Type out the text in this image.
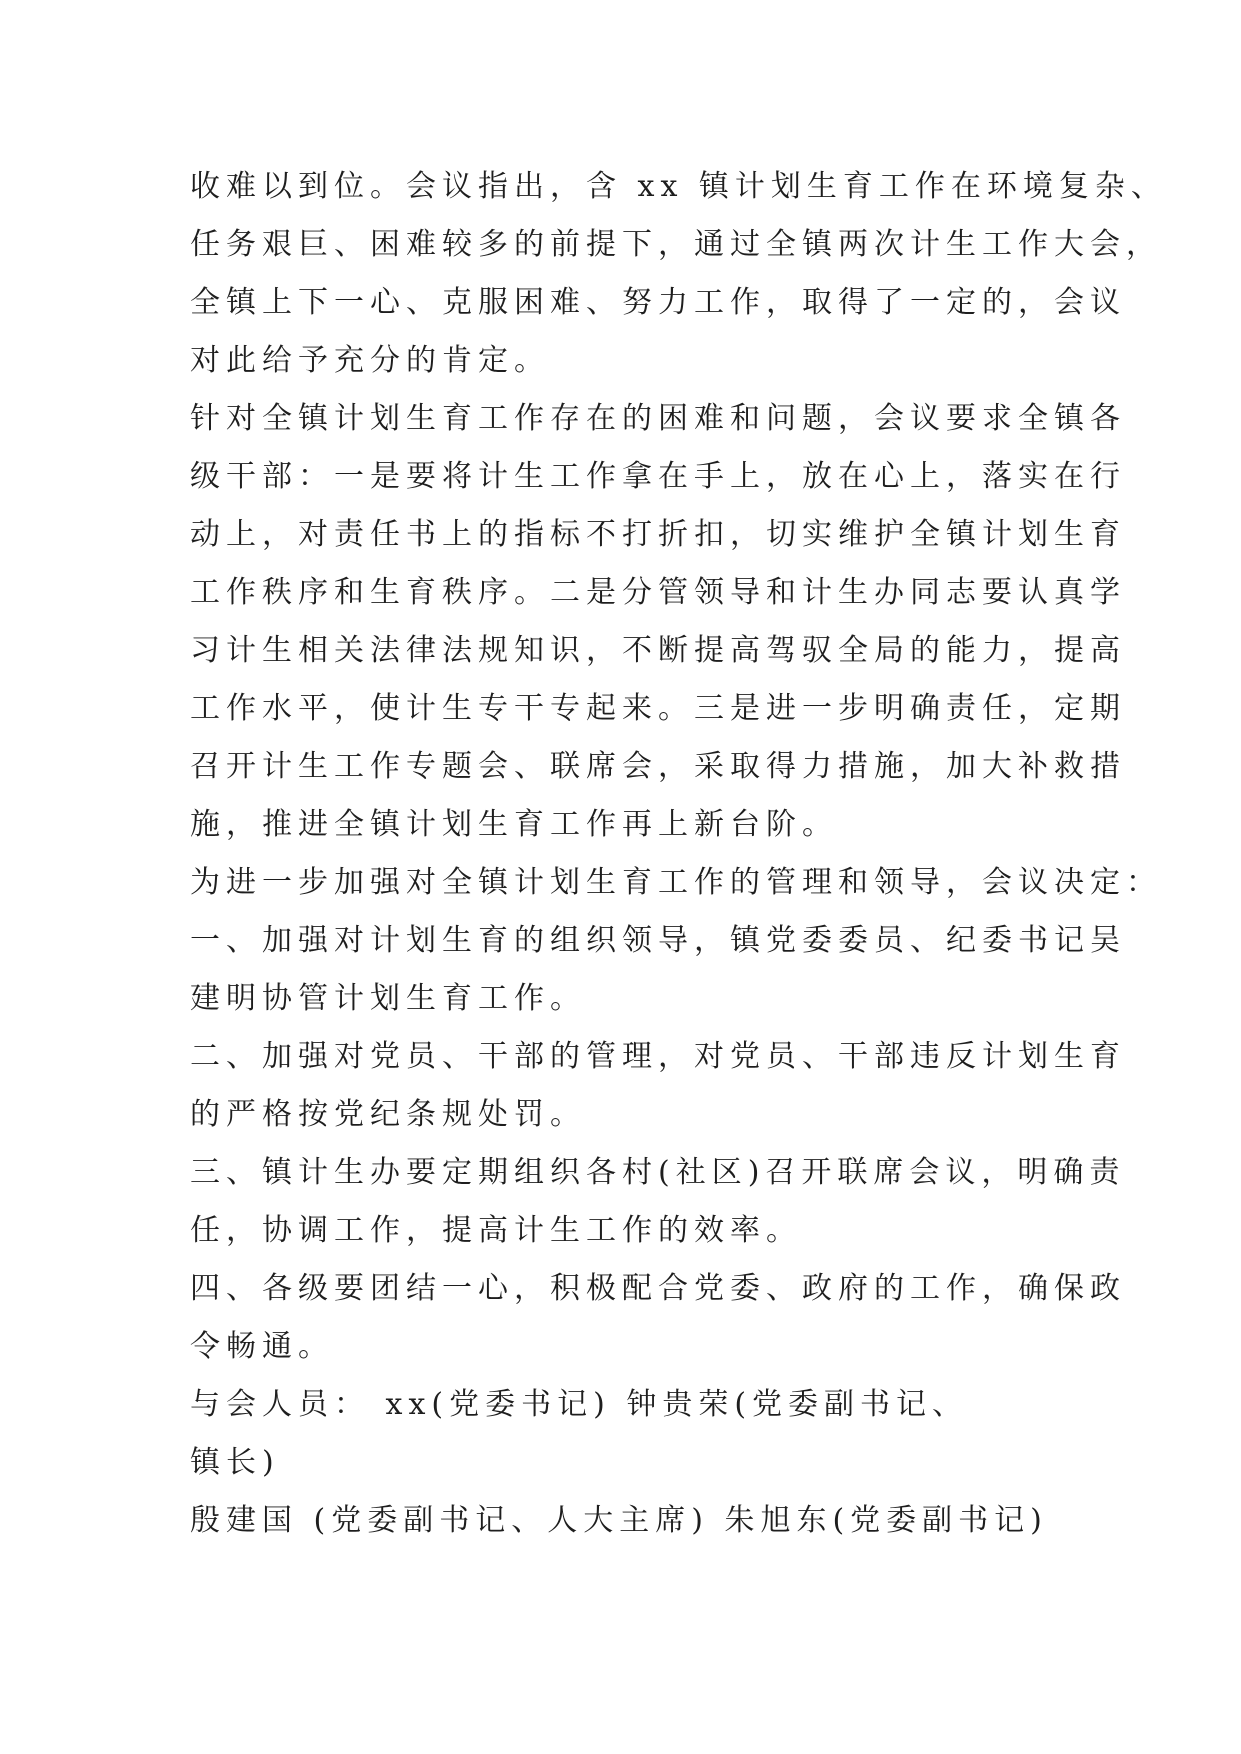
收难以到位。会议指出，含 xx 镇计划生育工作在环境复杂、
任务艰巨、困难较多的前提下，通过全镇两次计生工作大会，
全镇上下一心、克服困难、努力工作，取得了一定的，会议
对此给予充分的肯定。
针对全镇计划生育工作存在的困难和问题，会议要求全镇各
级干部：一是要将计生工作拿在手上，放在心上，落实在行
动上，对责任书上的指标不打折扣，切实维护全镇计划生育
工作秩序和生育秩序。二是分管领导和计生办同志要认真学
习计生相关法律法规知识，不断提高驾驭全局的能力，提高
工作水平，使计生专干专起来。三是进一步明确责任，定期
召开计生工作专题会、联席会，采取得力措施，加大补救措
施，推进全镇计划生育工作再上新台阶。
为进一步加强对全镇计划生育工作的管理和领导，会议决定：
一、加强对计划生育的组织领导，镇党委委员、纪委书记吴
建明协管计划生育工作。
二、加强对党员、干部的管理，对党员、干部违反计划生育
的严格按党纪条规处罚。
三、镇计生办要定期组织各村(社区)召开联席会议，明确责
任，协调工作，提高计生工作的效率。
四、各级要团结一心，积极配合党委、政府的工作，确保政
令畅通。
与会人员： xx(党委书记) 钟贵荣(党委副书记、
镇长)
殷建国 (党委副书记、人大主席) 朱旭东(党委副书记)
